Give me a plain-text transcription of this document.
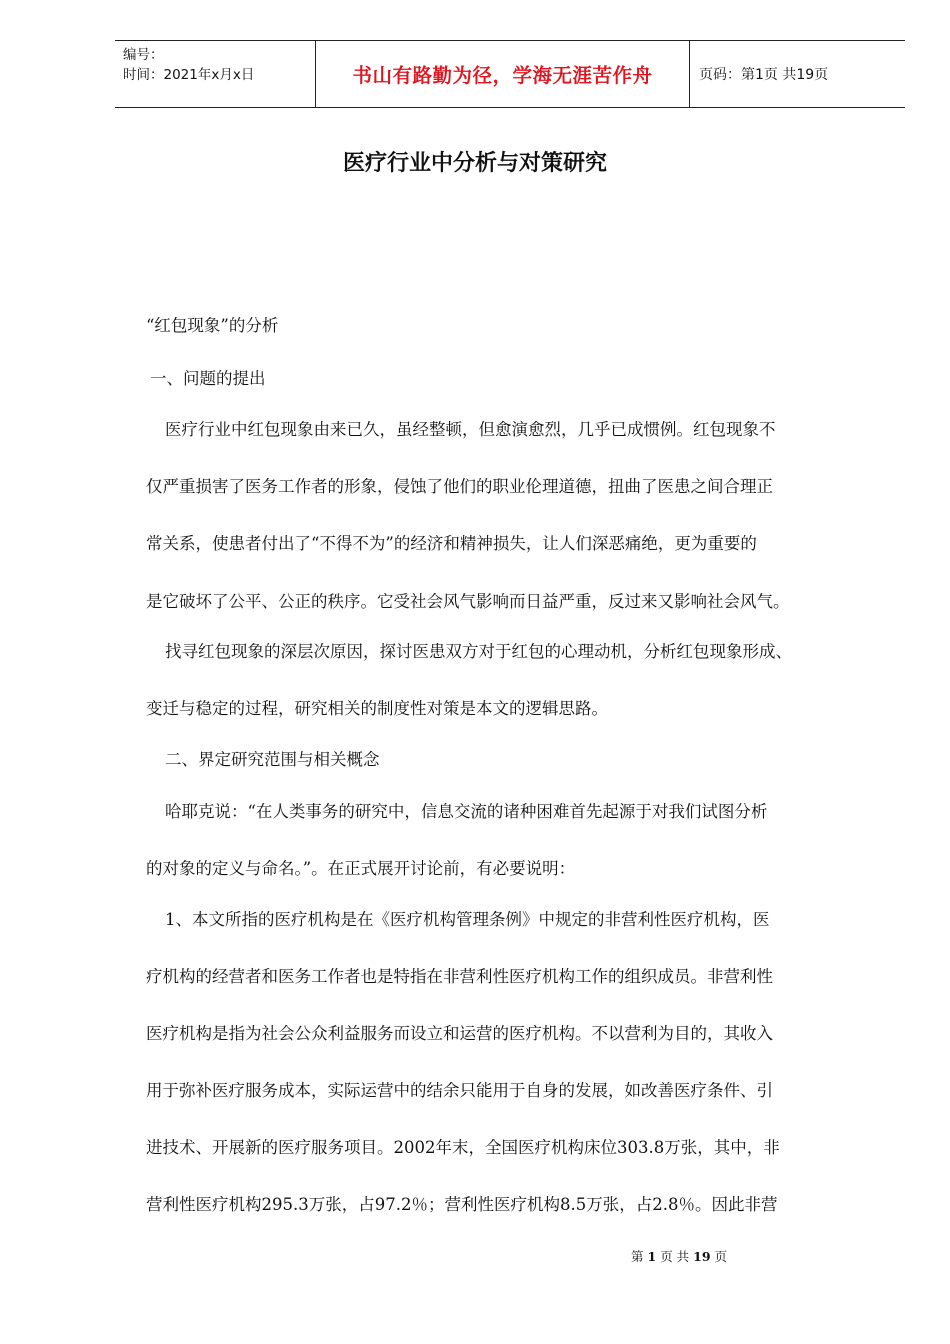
编号：
时间：2021年x月x日	书山有路勤为径，学海无涯苦作舟	页码：第1页 共19页
医疗行业中分析与对策研究
“红包现象”的分析
一、问题的提出
医疗行业中红包现象由来已久，虽经整顿，但愈演愈烈，几乎已成惯例。红包现象不
仅严重损害了医务工作者的形象，侵蚀了他们的职业伦理道德，扭曲了医患之间合理正
常关系，使患者付出了“不得不为”的经济和精神损失，让人们深恶痛绝，更为重要的
是它破坏了公平、公正的秩序。它受社会风气影响而日益严重，反过来又影响社会风气。
找寻红包现象的深层次原因，探讨医患双方对于红包的心理动机，分析红包现象形成、
变迁与稳定的过程，研究相关的制度性对策是本文的逻辑思路。
二、界定研究范围与相关概念
哈耶克说：“在人类事务的研究中，信息交流的诸种困难首先起源于对我们试图分析
的对象的定义与命名。”。在正式展开讨论前，有必要说明：
1、本文所指的医疗机构是在《医疗机构管理条例》中规定的非营利性医疗机构，医
疗机构的经营者和医务工作者也是特指在非营利性医疗机构工作的组织成员。非营利性
医疗机构是指为社会公众利益服务而设立和运营的医疗机构。不以营利为目的，其收入
用于弥补医疗服务成本，实际运营中的结余只能用于自身的发展，如改善医疗条件、引
进技术、开展新的医疗服务项目。2002年末，全国医疗机构床位303.8万张，其中，非
营利性医疗机构295.3万张，占97.2％；营利性医疗机构8.5万张，占2.8％。因此非营
第 1 页 共 19 页
